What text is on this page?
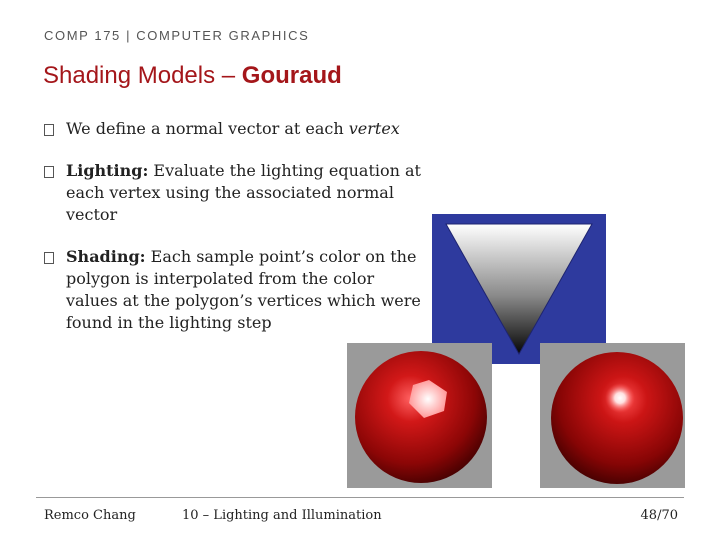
COMP 175 | COMPUTER GRAPHICS
Shading Models – Gouraud
We define a normal vector at each vertex
Lighting: Evaluate the lighting equation at each vertex using the associated normal vector
Shading: Each sample point’s color on the polygon is interpolated from the color values at the polygon’s vertices which were found in the lighting step
Remco Chang	10 – Lighting and Illumination	48/70
